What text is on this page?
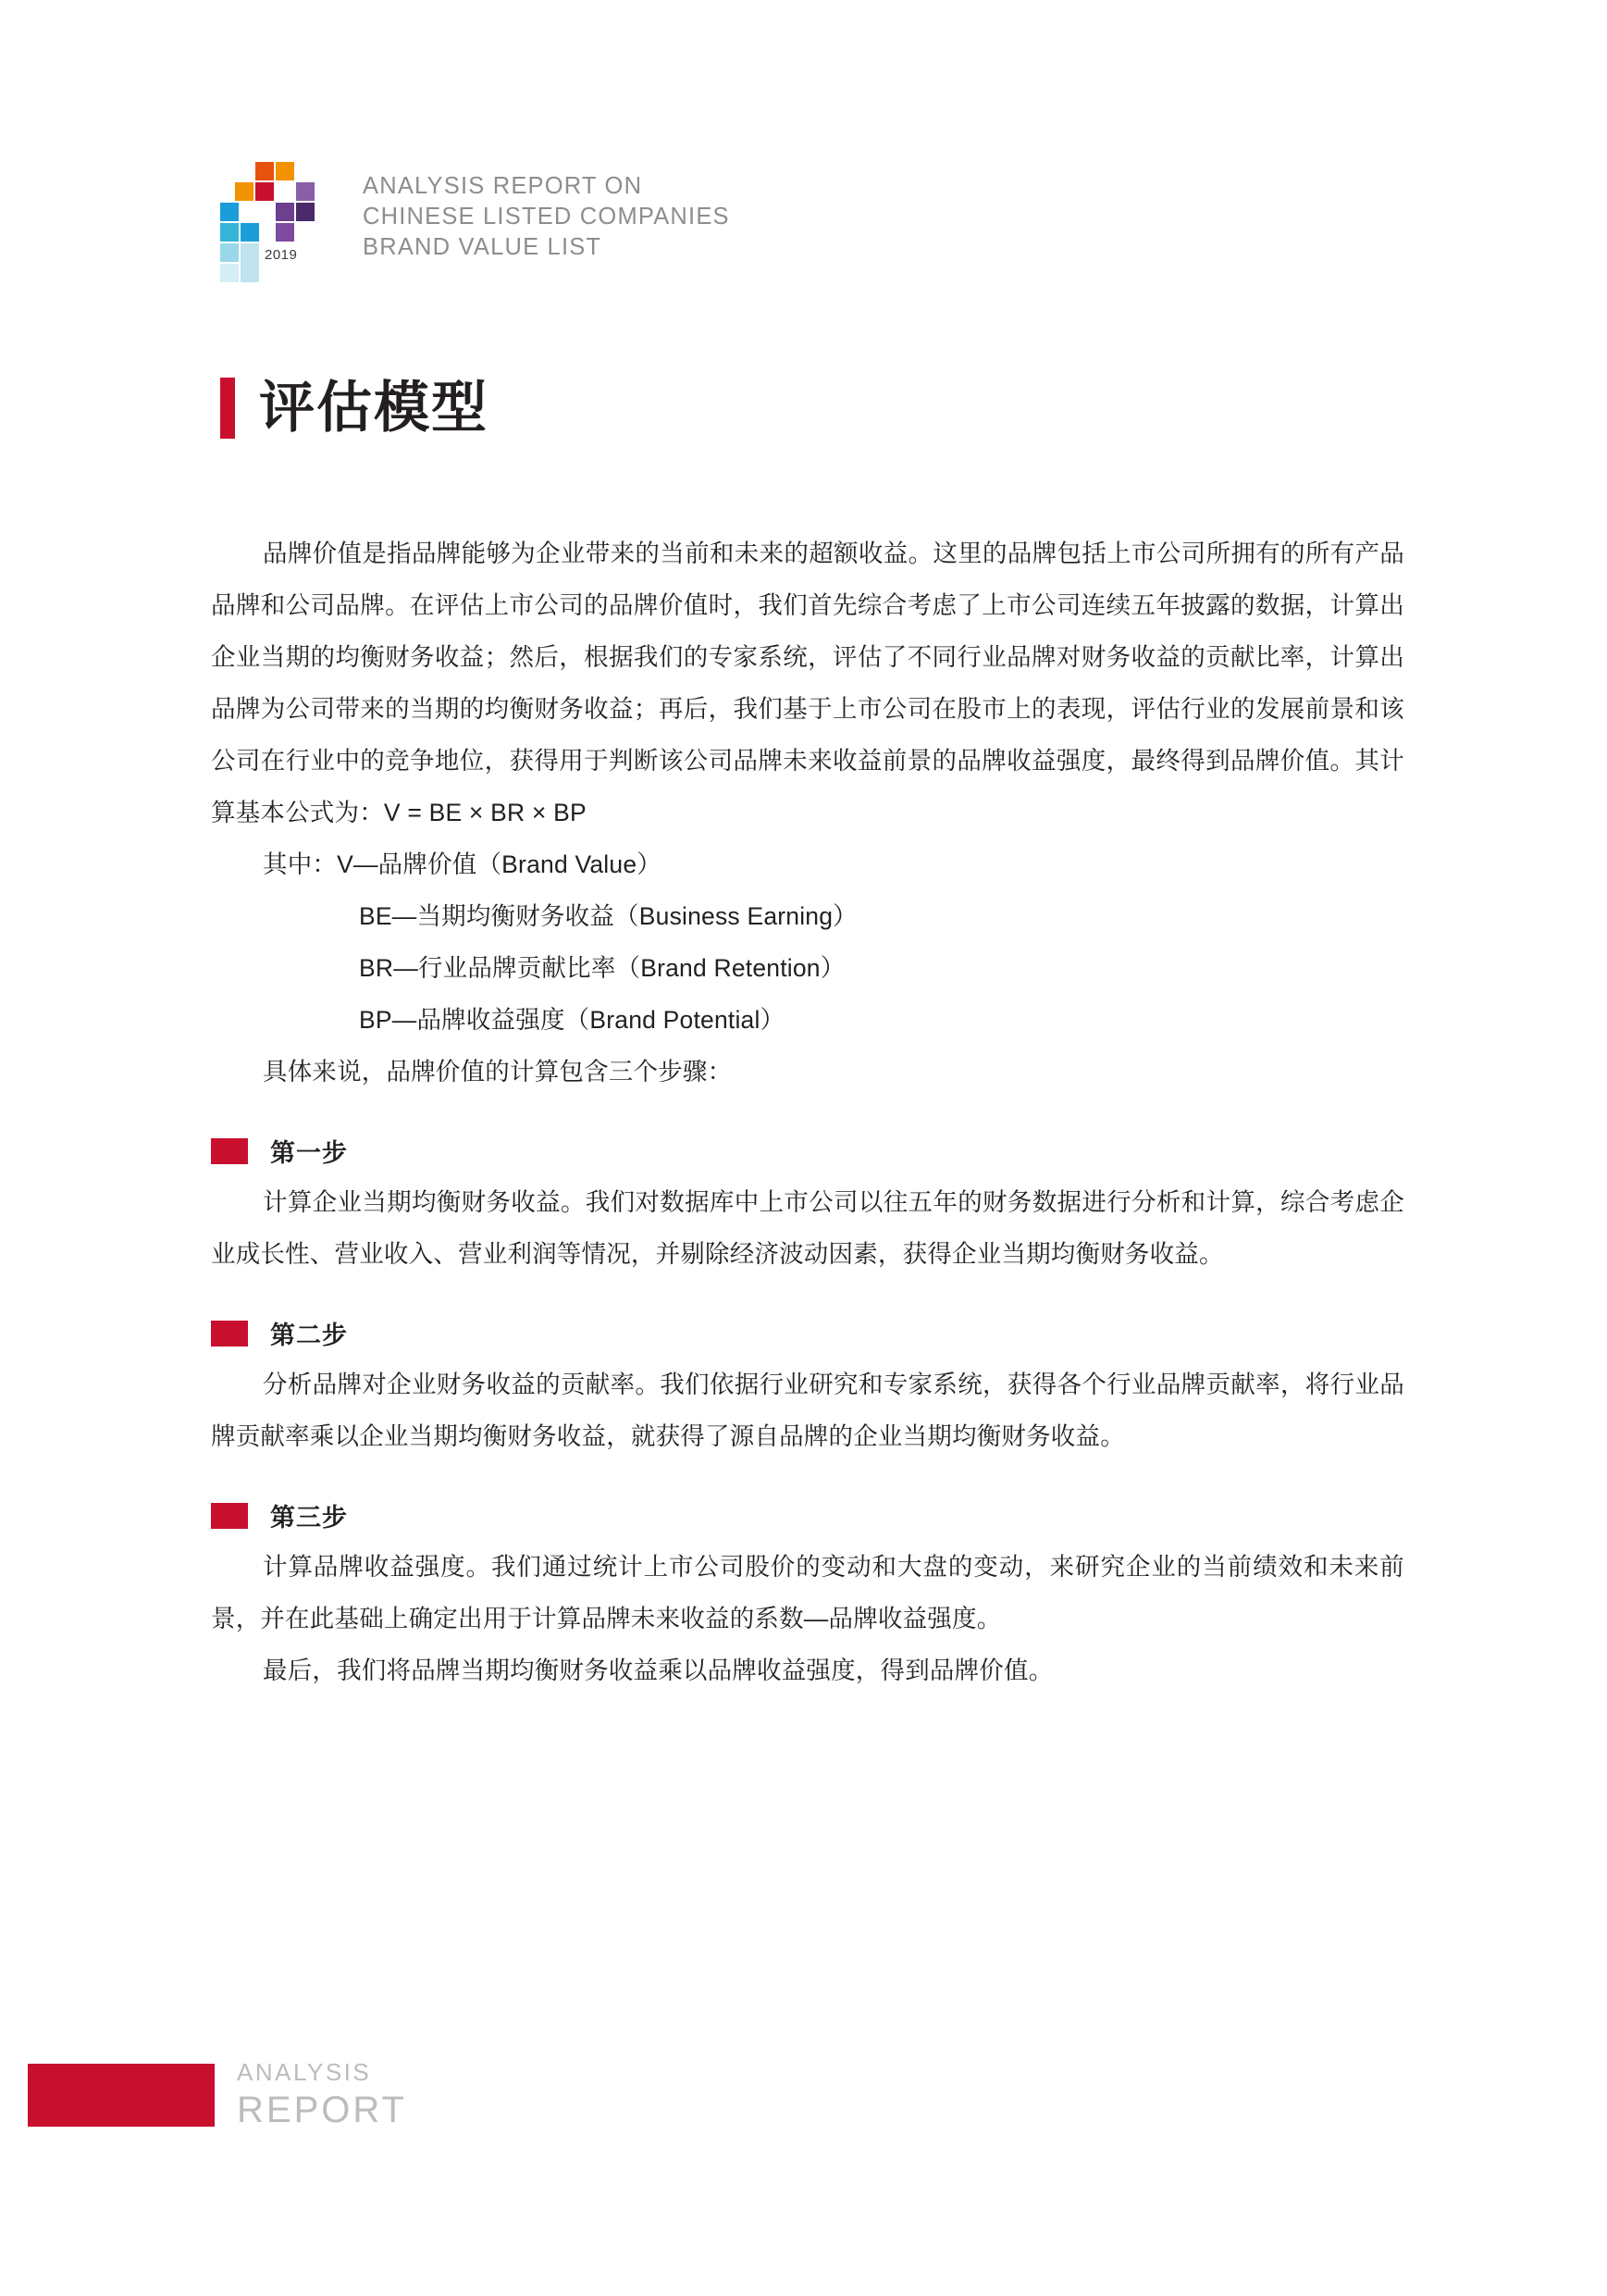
2019
ANALYSIS REPORT ON
CHINESE LISTED COMPANIES
BRAND VALUE LIST
评估模型

品牌价值是指品牌能够为企业带来的当前和未来的超额收益。这里的品牌包括上市公司所拥有的所有产品品牌和公司品牌。在评估上市公司的品牌价值时，我们首先综合考虑了上市公司连续五年披露的数据，计算出企业当期的均衡财务收益；然后，根据我们的专家系统，评估了不同行业品牌对财务收益的贡献比率，计算出品牌为公司带来的当期的均衡财务收益；再后，我们基于上市公司在股市上的表现，评估行业的发展前景和该公司在行业中的竞争地位，获得用于判断该公司品牌未来收益前景的品牌收益强度，最终得到品牌价值。其计算基本公式为：V = BE × BR × BP

其中：V—品牌价值（Brand Value）
BE—当期均衡财务收益（Business Earning）
BR—行业品牌贡献比率（Brand Retention）
BP—品牌收益强度（Brand Potential）

具体来说，品牌价值的计算包含三个步骤：

第一步

计算企业当期均衡财务收益。我们对数据库中上市公司以往五年的财务数据进行分析和计算，综合考虑企业成长性、营业收入、营业利润等情况，并剔除经济波动因素，获得企业当期均衡财务收益。

第二步

分析品牌对企业财务收益的贡献率。我们依据行业研究和专家系统，获得各个行业品牌贡献率，将行业品牌贡献率乘以企业当期均衡财务收益，就获得了源自品牌的企业当期均衡财务收益。

第三步

计算品牌收益强度。我们通过统计上市公司股价的变动和大盘的变动，来研究企业的当前绩效和未来前景，并在此基础上确定出用于计算品牌未来收益的系数—品牌收益强度。

最后，我们将品牌当期均衡财务收益乘以品牌收益强度，得到品牌价值。

ANALYSIS
REPORT
